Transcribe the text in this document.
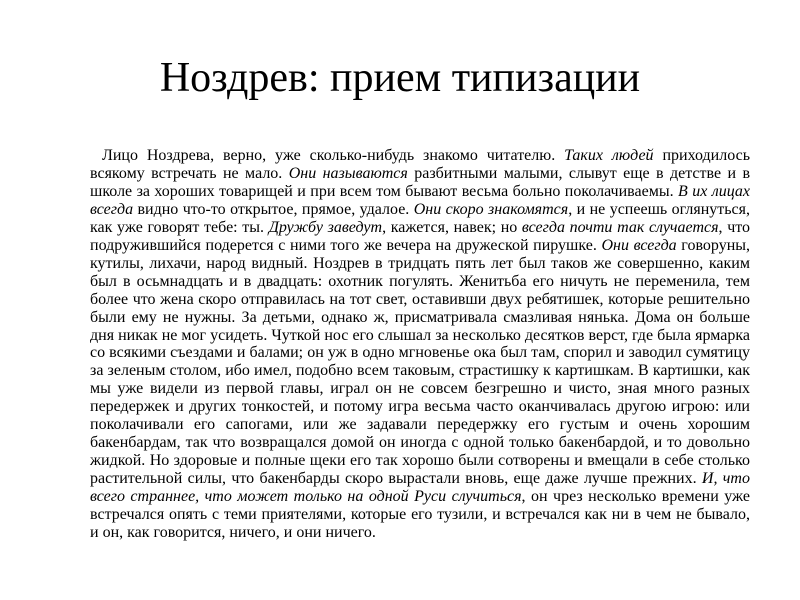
Ноздрев: прием типизации

Лицо Ноздрева, верно, уже сколько-нибудь знакомо читателю. Таких людей приходилось всякому встречать не мало. Они называются разбитными малыми, слывут еще в детстве и в школе за хороших товарищей и при всем том бывают весьма больно поколачиваемы. В их лицах всегда видно что-то открытое, прямое, удалое. Они скоро знакомятся, и не успеешь оглянуться, как уже говорят тебе: ты. Дружбу заведут, кажется, навек; но всегда почти так случается, что подружившийся подерется с ними того же вечера на дружеской пирушке. Они всегда говоруны, кутилы, лихачи, народ видный. Ноздрев в тридцать пять лет был таков же совершенно, каким был в осьмнадцать и в двадцать: охотник погулять. Женитьба его ничуть не переменила, тем более что жена скоро отправилась на тот свет, оставивши двух ребятишек, которые решительно были ему не нужны. За детьми, однако ж, присматривала смазливая нянька. Дома он больше дня никак не мог усидеть. Чуткой нос его слышал за несколько десятков верст, где была ярмарка со всякими съездами и балами; он уж в одно мгновенье ока был там, спорил и заводил сумятицу за зеленым столом, ибо имел, подобно всем таковым, страстишку к картишкам. В картишки, как мы уже видели из первой главы, играл он не совсем безгрешно и чисто, зная много разных передержек и других тонкостей, и потому игра весьма часто оканчивалась другою игрою: или поколачивали его сапогами, или же задавали передержку его густым и очень хорошим бакенбардам, так что возвращался домой он иногда с одной только бакенбардой, и то довольно жидкой. Но здоровые и полные щеки его так хорошо были сотворены и вмещали в себе столько растительной силы, что бакенбарды скоро вырастали вновь, еще даже лучше прежних. И, что всего страннее, что может только на одной Руси случиться, он чрез несколько времени уже встречался опять с теми приятелями, которые его тузили, и встречался как ни в чем не бывало, и он, как говорится, ничего, и они ничего.
